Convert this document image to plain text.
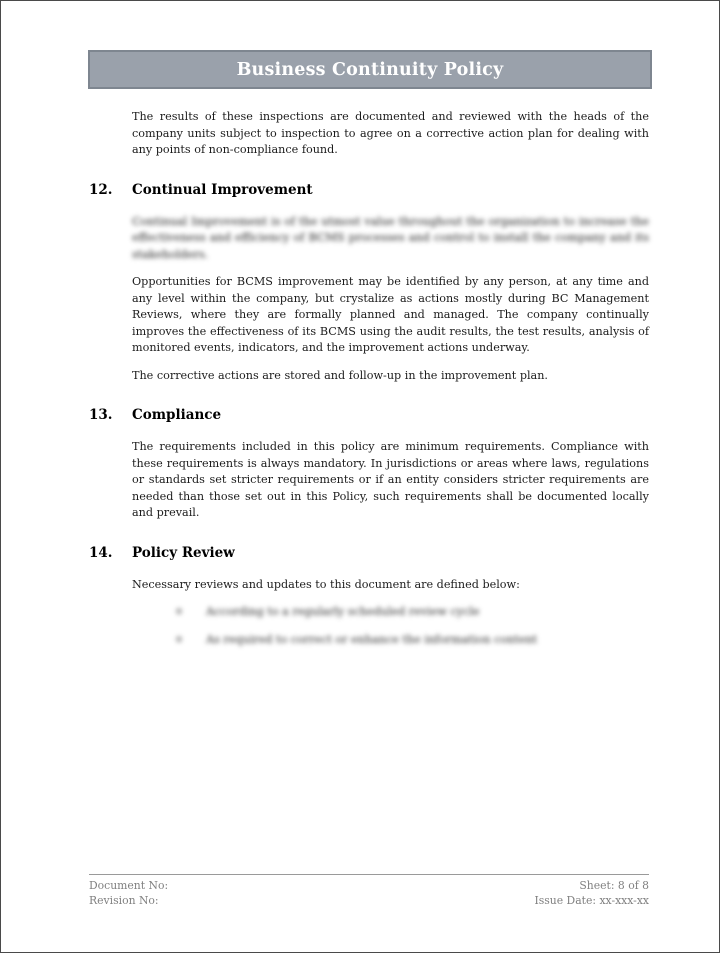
Business Continuity Policy

The results of these inspections are documented and reviewed with the heads of the company units subject to inspection to agree on a corrective action plan for dealing with any points of non-compliance found.

12.	Continual Improvement

Continual Improvement is of the utmost value throughout the organization to increase the effectiveness and efficiency of BCMS processes and control to install the company and its stakeholders.

Opportunities for BCMS improvement may be identified by any person, at any time and any level within the company, but crystalize as actions mostly during BC Management Reviews, where they are formally planned and managed. The company continually improves the effectiveness of its BCMS using the audit results, the test results, analysis of monitored events, indicators, and the improvement actions underway.

The corrective actions are stored and follow-up in the improvement plan.

13.	Compliance

The requirements included in this policy are minimum requirements. Compliance with these requirements is always mandatory. In jurisdictions or areas where laws, regulations or standards set stricter requirements or if an entity considers stricter requirements are needed than those set out in this Policy, such requirements shall be documented locally and prevail.

14.	Policy Review

Necessary reviews and updates to this document are defined below:

o	According to a regularly scheduled review cycle
o	As required to correct or enhance the information content
Document No:
Revision No:
Sheet: 8 of 8
Issue Date: xx-xxx-xx
